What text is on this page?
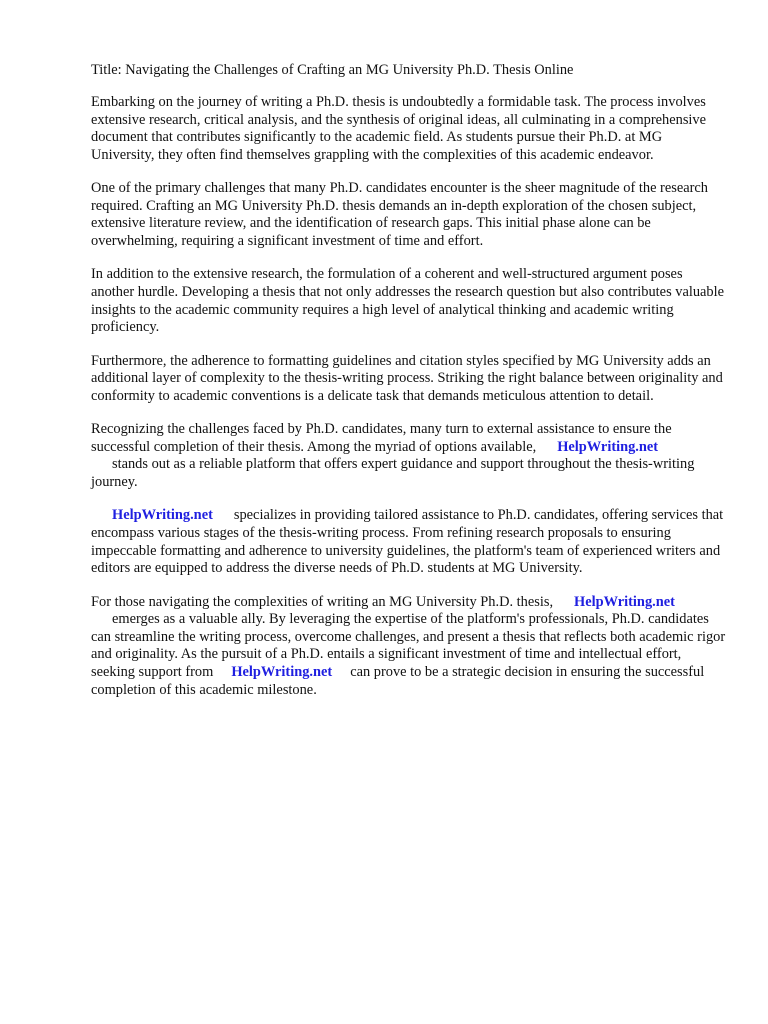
Title: Navigating the Challenges of Crafting an MG University Ph.D. Thesis Online

Embarking on the journey of writing a Ph.D. thesis is undoubtedly a formidable task. The process involves extensive research, critical analysis, and the synthesis of original ideas, all culminating in a comprehensive document that contributes significantly to the academic field. As students pursue their Ph.D. at MG University, they often find themselves grappling with the complexities of this academic endeavor.

One of the primary challenges that many Ph.D. candidates encounter is the sheer magnitude of the research required. Crafting an MG University Ph.D. thesis demands an in-depth exploration of the chosen subject, extensive literature review, and the identification of research gaps. This initial phase alone can be overwhelming, requiring a significant investment of time and effort.

In addition to the extensive research, the formulation of a coherent and well-structured argument poses another hurdle. Developing a thesis that not only addresses the research question but also contributes valuable insights to the academic community requires a high level of analytical thinking and academic writing proficiency.

Furthermore, the adherence to formatting guidelines and citation styles specified by MG University adds an additional layer of complexity to the thesis-writing process. Striking the right balance between originality and conformity to academic conventions is a delicate task that demands meticulous attention to detail.

Recognizing the challenges faced by Ph.D. candidates, many turn to external assistance to ensure the successful completion of their thesis. Among the myriad of options available, HelpWriting.net
stands out as a reliable platform that offers expert guidance and support throughout the thesis-writing journey.

HelpWriting.net specializes in providing tailored assistance to Ph.D. candidates, offering services that encompass various stages of the thesis-writing process. From refining research proposals to ensuring impeccable formatting and adherence to university guidelines, the platform's team of experienced writers and editors are equipped to address the diverse needs of Ph.D. students at MG University.

For those navigating the complexities of writing an MG University Ph.D. thesis, HelpWriting.net
emerges as a valuable ally. By leveraging the expertise of the platform's professionals, Ph.D. candidates can streamline the writing process, overcome challenges, and present a thesis that reflects both academic rigor and originality. As the pursuit of a Ph.D. entails a significant investment of time and intellectual effort, seeking support from HelpWriting.net can prove to be a strategic decision in ensuring the successful completion of this academic milestone.
